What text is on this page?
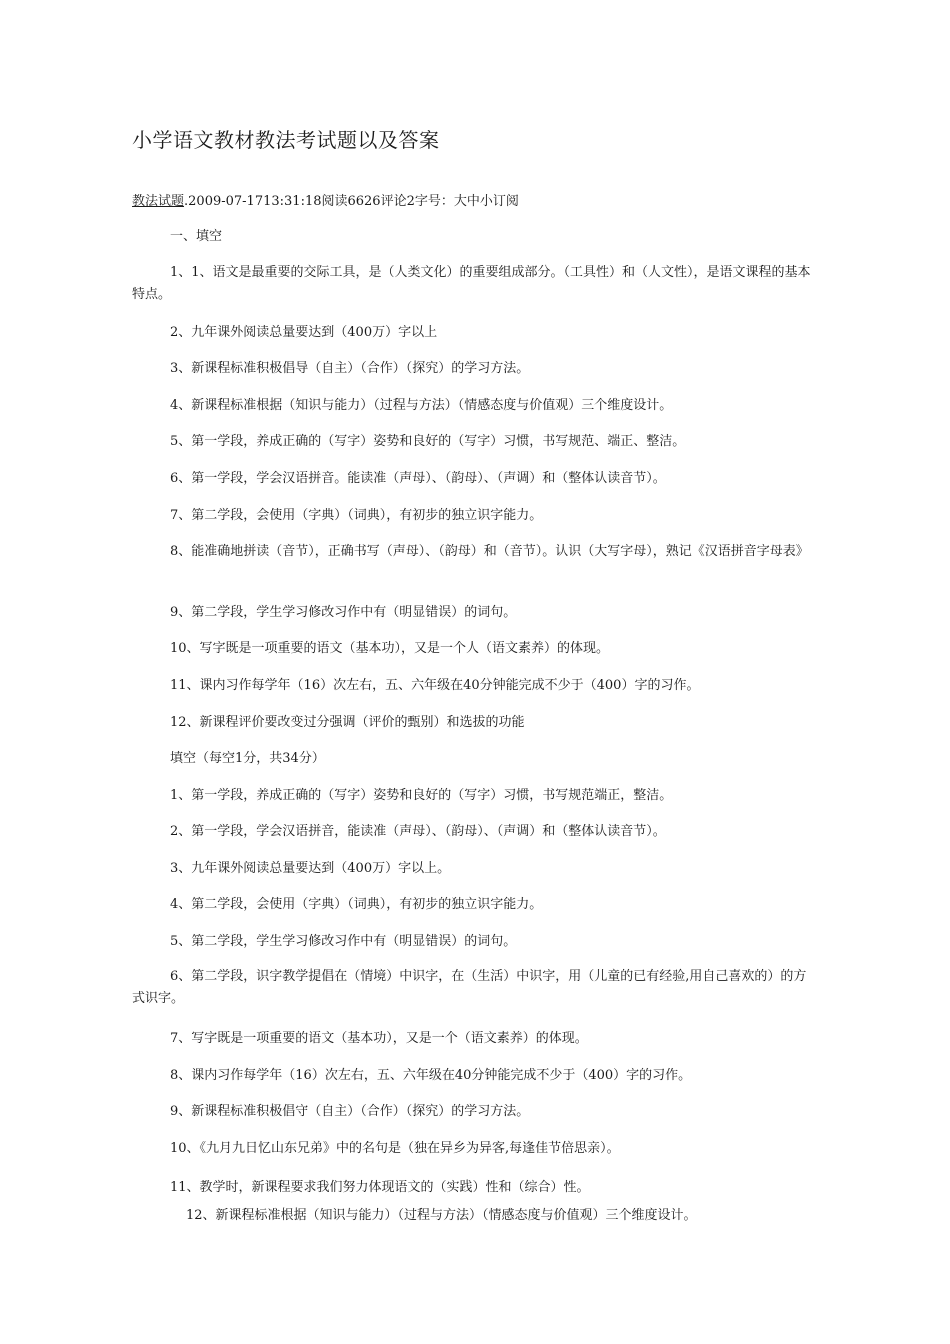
小学语文教材教法考试题以及答案
教法试题.2009-07-1713:31:18阅读6626评论2字号：大中小订阅
一、填空
1、1、语文是最重要的交际工具，是（人类文化）的重要组成部分。（工具性）和（人文性），是语文课程的基本特点。
2、九年课外阅读总量要达到（400万）字以上
3、新课程标准积极倡导（自主）（合作）（探究）的学习方法。
4、新课程标准根据（知识与能力）（过程与方法）（情感态度与价值观）三个维度设计。
5、第一学段，养成正确的（写字）姿势和良好的（写字）习惯，书写规范、端正、整洁。
6、第一学段，学会汉语拼音。能读准（声母）、（韵母）、（声调）和（整体认读音节）。
7、第二学段，会使用（字典）（词典），有初步的独立识字能力。
8、能准确地拼读（音节），正确书写（声母）、（韵母）和（音节）。认识（大写字母），熟记《汉语拼音字母表》
9、第二学段，学生学习修改习作中有（明显错误）的词句。
10、写字既是一项重要的语文（基本功），又是一个人（语文素养）的体现。
11、课内习作每学年（16）次左右，五、六年级在40分钟能完成不少于（400）字的习作。
12、新课程评价要改变过分强调（评价的甄别）和选拔的功能
填空（每空1分，共34分）
1、第一学段，养成正确的（写字）姿势和良好的（写字）习惯，书写规范端正，整洁。
2、第一学段，学会汉语拼音，能读准（声母）、（韵母）、（声调）和（整体认读音节）。
3、九年课外阅读总量要达到（400万）字以上。
4、第二学段，会使用（字典）（词典），有初步的独立识字能力。
5、第二学段，学生学习修改习作中有（明显错误）的词句。
6、第二学段，识字教学提倡在（情境）中识字，在（生活）中识字，用（儿童的已有经验,用自己喜欢的）的方式识字。
7、写字既是一项重要的语文（基本功），又是一个（语文素养）的体现。
8、课内习作每学年（16）次左右，五、六年级在40分钟能完成不少于（400）字的习作。
9、新课程标准积极倡守（自主）（合作）（探究）的学习方法。
10、《九月九日忆山东兄弟》中的名句是（独在异乡为异客,每逢佳节倍思亲）。
11、教学时，新课程要求我们努力体现语文的（实践）性和（综合）性。
12、新课程标准根据（知识与能力）（过程与方法）（情感态度与价值观）三个维度设计。
